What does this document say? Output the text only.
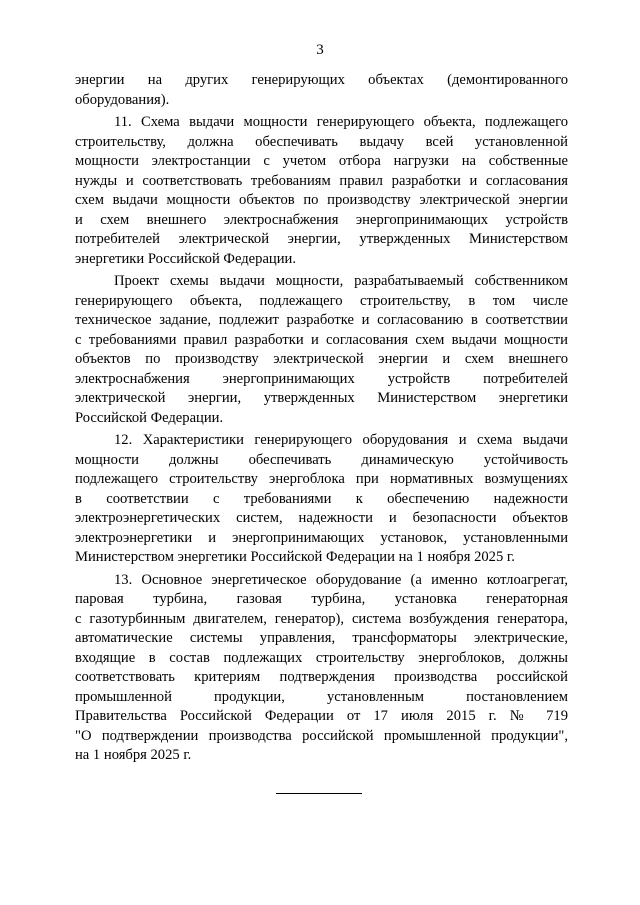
3
энергии на других генерирующих объектах (демонтированного
оборудования).
11. Схема выдачи мощности генерирующего объекта, подлежащего
строительству, должна обеспечивать выдачу всей установленной
мощности электростанции с учетом отбора нагрузки на собственные
нужды и соответствовать требованиям правил разработки и согласования
схем выдачи мощности объектов по производству электрической энергии
и схем внешнего электроснабжения энергопринимающих устройств
потребителей электрической энергии, утвержденных Министерством
энергетики Российской Федерации.
Проект схемы выдачи мощности, разрабатываемый собственником
генерирующего объекта, подлежащего строительству, в том числе
техническое задание, подлежит разработке и согласованию в соответствии
с требованиями правил разработки и согласования схем выдачи мощности
объектов по производству электрической энергии и схем внешнего
электроснабжения энергопринимающих устройств потребителей
электрической энергии, утвержденных Министерством энергетики
Российской Федерации.
12. Характеристики генерирующего оборудования и схема выдачи
мощности должны обеспечивать динамическую устойчивость
подлежащего строительству энергоблока при нормативных возмущениях
в соответствии с требованиями к обеспечению надежности
электроэнергетических систем, надежности и безопасности объектов
электроэнергетики и энергопринимающих установок, установленными
Министерством энергетики Российской Федерации на 1 ноября 2025 г.
13. Основное энергетическое оборудование (а именно котлоагрегат,
паровая турбина, газовая турбина, установка генераторная
с газотурбинным двигателем, генератор), система возбуждения генератора,
автоматические системы управления, трансформаторы электрические,
входящие в состав подлежащих строительству энергоблоков, должны
соответствовать критериям подтверждения производства российской
промышленной продукции, установленным постановлением
Правительства Российской Федерации от 17 июля 2015 г. № 719
"О подтверждении производства российской промышленной продукции",
на 1 ноября 2025 г.
